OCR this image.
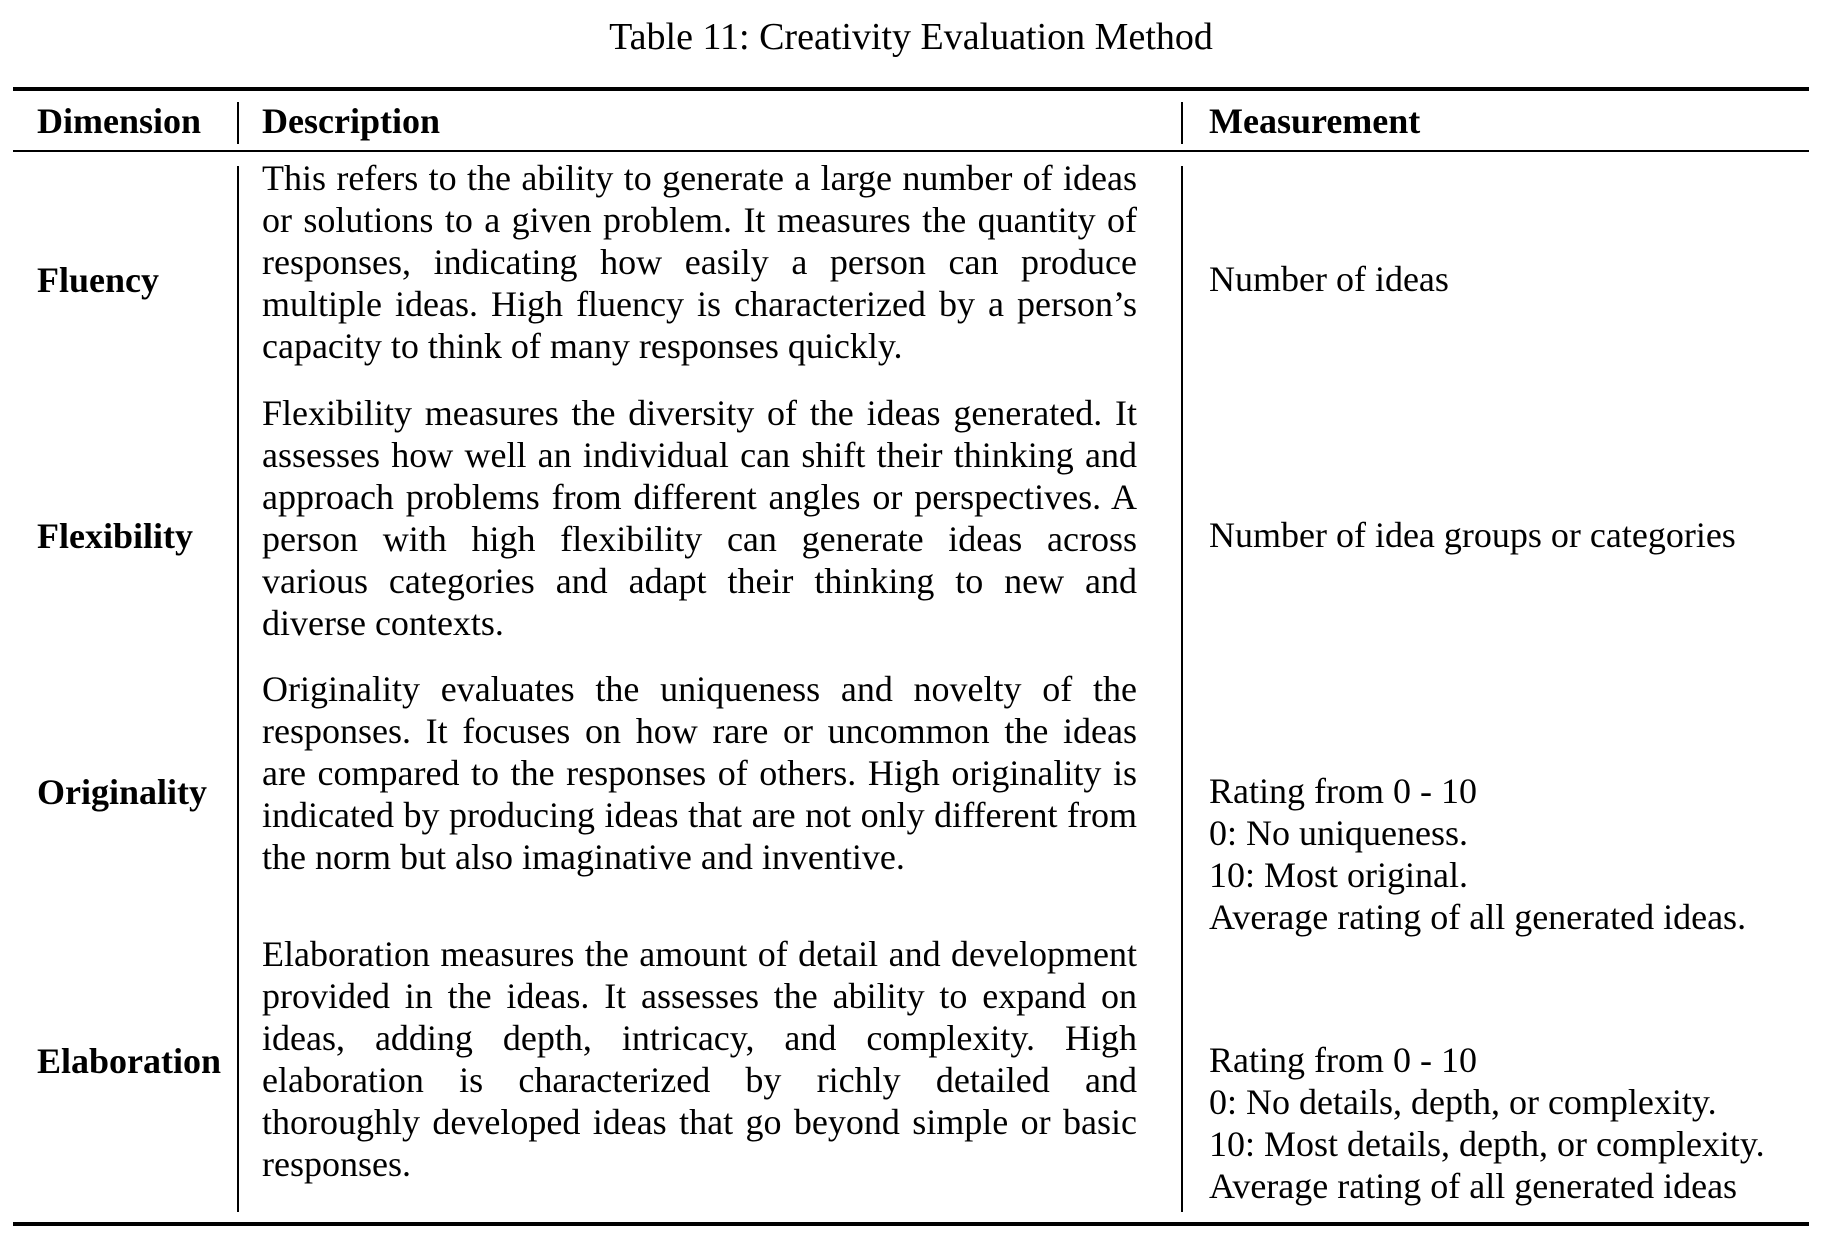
Table 11: Creativity Evaluation Method
Dimension Description	Measurement
Fluency

This refers to the ability to generate a large number of ideas or solutions to a given problem. It measures the quantity of responses, indicating how easily a person can produce multiple ideas. High fluency is characterized by a person’s capacity to think of many responses quickly.

Number of ideas
Flexibility

Flexibility measures the diversity of the ideas generated. It assesses how well an individual can shift their thinking and approach problems from different angles or perspectives. A person with high flexibility can generate ideas across various categories and adapt their thinking to new and diverse contexts.

Number of idea groups or categories
Originality

Originality evaluates the uniqueness and novelty of the responses. It focuses on how rare or uncommon the ideas are compared to the responses of others. High originality is indicated by producing ideas that are not only different from the norm but also imaginative and inventive.

Rating from 0 - 10
0: No uniqueness.
10: Most original.
Average rating of all generated ideas.
Elaboration

Elaboration measures the amount of detail and development provided in the ideas. It assesses the ability to expand on ideas, adding depth, intricacy, and complexity. High elaboration is characterized by richly detailed and thoroughly developed ideas that go beyond simple or basic responses.

Rating from 0 - 10
0: No details, depth, or complexity.
10: Most details, depth, or complexity.
Average rating of all generated ideas
